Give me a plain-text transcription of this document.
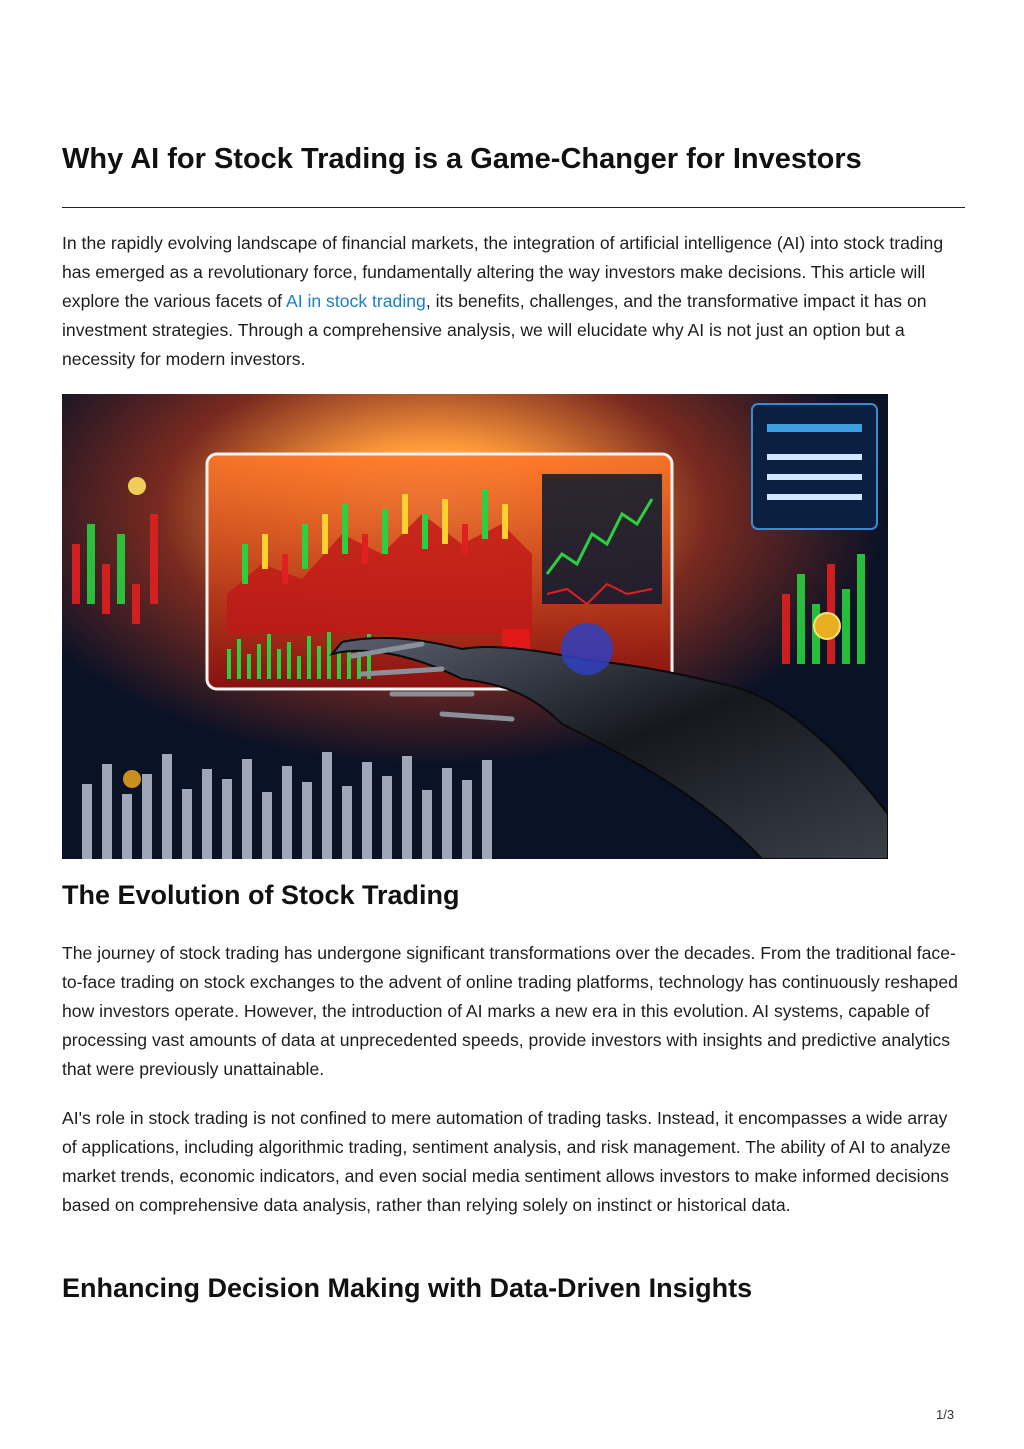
Why AI for Stock Trading is a Game-Changer for Investors

In the rapidly evolving landscape of financial markets, the integration of artificial intelligence (AI) into stock trading has emerged as a revolutionary force, fundamentally altering the way investors make decisions. This article will explore the various facets of AI in stock trading, its benefits, challenges, and the transformative impact it has on investment strategies. Through a comprehensive analysis, we will elucidate why AI is not just an option but a necessity for modern investors.

The Evolution of Stock Trading

The journey of stock trading has undergone significant transformations over the decades. From the traditional face-to-face trading on stock exchanges to the advent of online trading platforms, technology has continuously reshaped how investors operate. However, the introduction of AI marks a new era in this evolution. AI systems, capable of processing vast amounts of data at unprecedented speeds, provide investors with insights and predictive analytics that were previously unattainable.

AI's role in stock trading is not confined to mere automation of trading tasks. Instead, it encompasses a wide array of applications, including algorithmic trading, sentiment analysis, and risk management. The ability of AI to analyze market trends, economic indicators, and even social media sentiment allows investors to make informed decisions based on comprehensive data analysis, rather than relying solely on instinct or historical data.

Enhancing Decision Making with Data-Driven Insights
1/3
